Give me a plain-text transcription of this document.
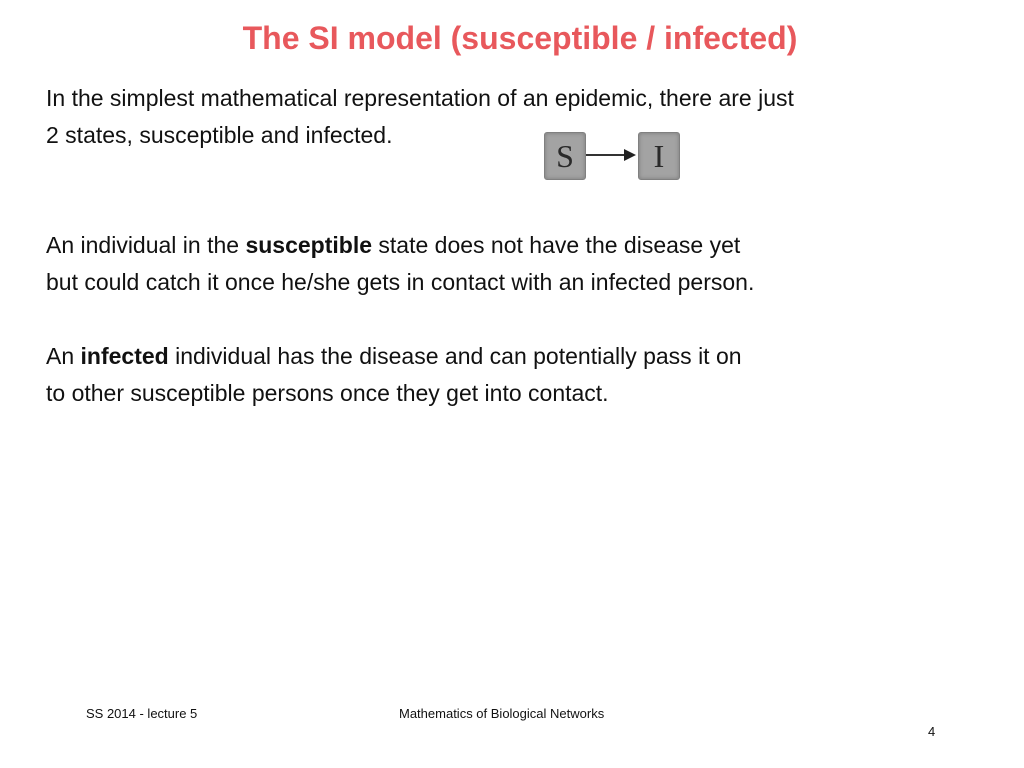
The SI model (susceptible / infected)

In the simplest mathematical representation of an epidemic, there are just
2 states, susceptible and infected.

S	I

An individual in the susceptible state does not have the disease yet
but could catch it once he/she gets in contact with an infected person.

An infected individual has the disease and can potentially pass it on
to other susceptible persons once they get into contact.

SS 2014 - lecture 5	Mathematics of Biological Networks
4
